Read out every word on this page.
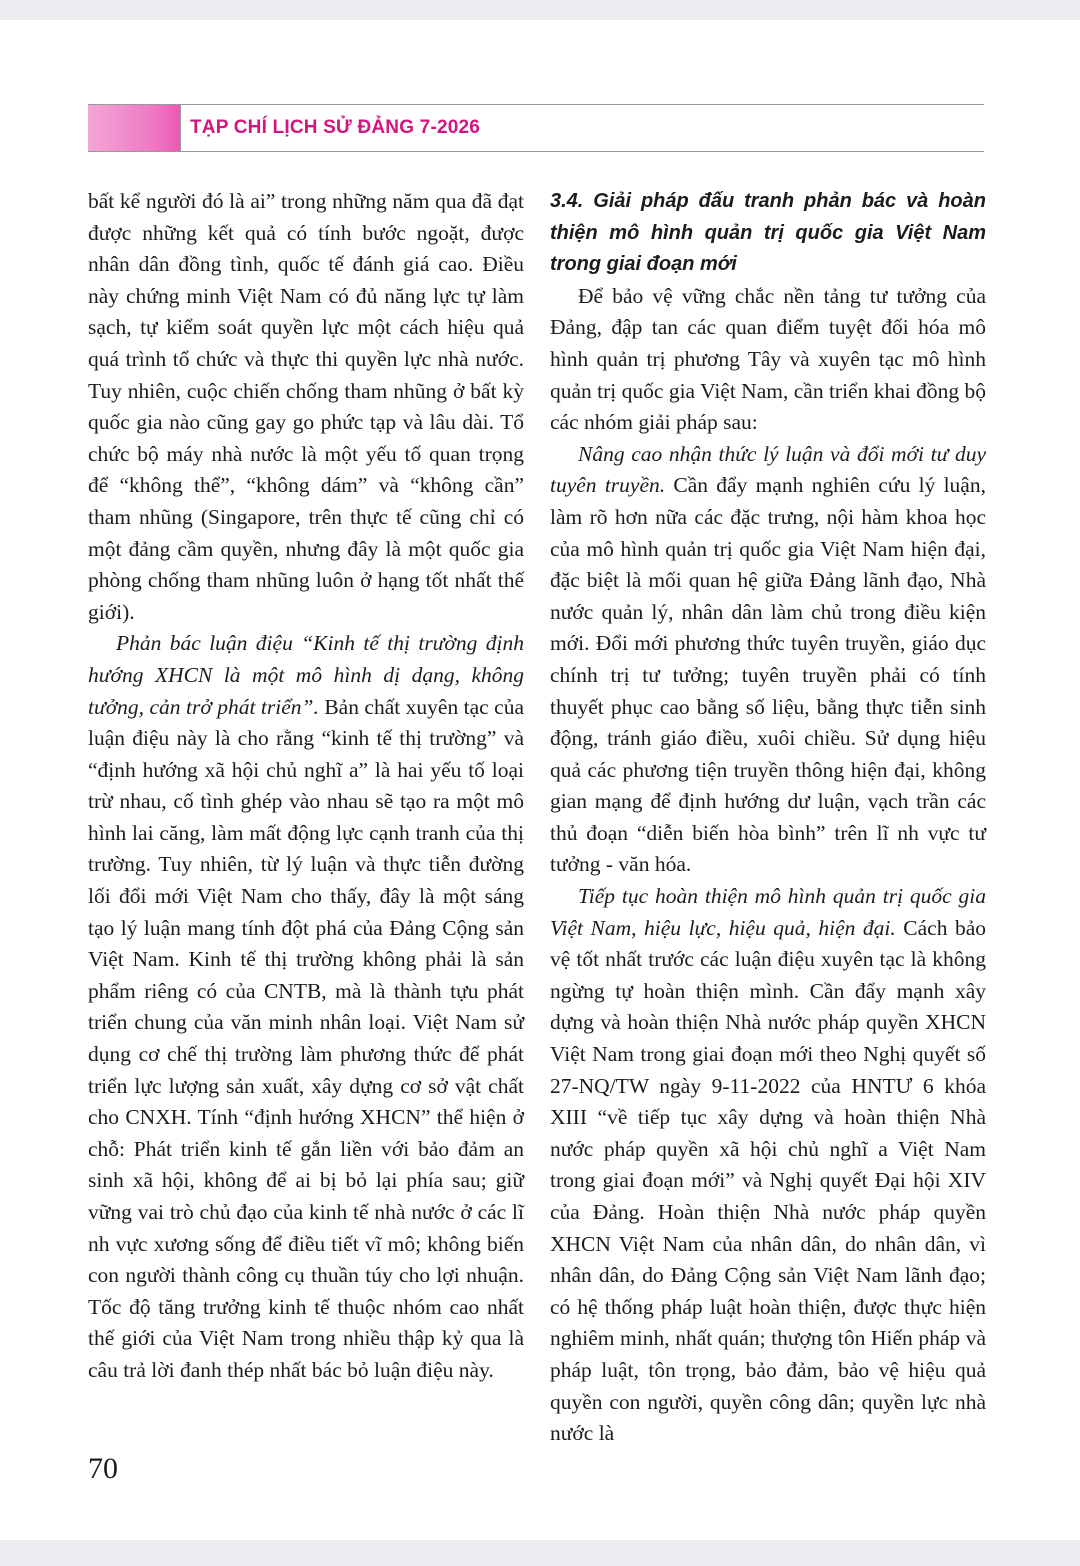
TẠP CHÍ LỊCH SỬ ĐẢNG 7-2026

bất kể người đó là ai” trong những năm qua đã đạt được những kết quả có tính bước ngoặt, được nhân dân đồng tình, quốc tế đánh giá cao. Điều này chứng minh Việt Nam có đủ năng lực tự làm sạch, tự kiểm soát quyền lực một cách hiệu quả quá trình tổ chức và thực thi quyền lực nhà nước. Tuy nhiên, cuộc chiến chống tham nhũng ở bất kỳ quốc gia nào cũng gay go phức tạp và lâu dài. Tổ chức bộ máy nhà nước là một yếu tố quan trọng để “không thể”, “không dám” và “không cần” tham nhũng (Singapore, trên thực tế cũng chỉ có một đảng cầm quyền, nhưng đây là một quốc gia phòng chống tham nhũng luôn ở hạng tốt nhất thế giới).

Phản bác luận điệu “Kinh tế thị trường định hướng XHCN là một mô hình dị dạng, không tưởng, cản trở phát triển”. Bản chất xuyên tạc của luận điệu này là cho rằng “kinh tế thị trường” và “định hướng xã hội chủ nghĩ a” là hai yếu tố loại trừ nhau, cố tình ghép vào nhau sẽ tạo ra một mô hình lai căng, làm mất động lực cạnh tranh của thị trường. Tuy nhiên, từ lý luận và thực tiễn đường lối đổi mới Việt Nam cho thấy, đây là một sáng tạo lý luận mang tính đột phá của Đảng Cộng sản Việt Nam. Kinh tế thị trường không phải là sản phẩm riêng có của CNTB, mà là thành tựu phát triển chung của văn minh nhân loại. Việt Nam sử dụng cơ chế thị trường làm phương thức để phát triển lực lượng sản xuất, xây dựng cơ sở vật chất cho CNXH. Tính “định hướng XHCN” thể hiện ở chỗ: Phát triển kinh tế gắn liền với bảo đảm an sinh xã hội, không để ai bị bỏ lại phía sau; giữ vững vai trò chủ đạo của kinh tế nhà nước ở các lĩ nh vực xương sống để điều tiết vĩ mô; không biến con người thành công cụ thuần túy cho lợi nhuận. Tốc độ tăng trưởng kinh tế thuộc nhóm cao nhất thế giới của Việt Nam trong nhiều thập kỷ qua là câu trả lời đanh thép nhất bác bỏ luận điệu này.

3.4. Giải pháp đấu tranh phản bác và hoàn thiện mô hình quản trị quốc gia Việt Nam trong giai đoạn mới

Để bảo vệ vững chắc nền tảng tư tưởng của Đảng, đập tan các quan điểm tuyệt đối hóa mô hình quản trị phương Tây và xuyên tạc mô hình quản trị quốc gia Việt Nam, cần triển khai đồng bộ các nhóm giải pháp sau:

Nâng cao nhận thức lý luận và đổi mới tư duy tuyên truyền. Cần đẩy mạnh nghiên cứu lý luận, làm rõ hơn nữa các đặc trưng, nội hàm khoa học của mô hình quản trị quốc gia Việt Nam hiện đại, đặc biệt là mối quan hệ giữa Đảng lãnh đạo, Nhà nước quản lý, nhân dân làm chủ trong điều kiện mới. Đổi mới phương thức tuyên truyền, giáo dục chính trị tư tưởng; tuyên truyền phải có tính thuyết phục cao bằng số liệu, bằng thực tiễn sinh động, tránh giáo điều, xuôi chiều. Sử dụng hiệu quả các phương tiện truyền thông hiện đại, không gian mạng để định hướng dư luận, vạch trần các thủ đoạn “diễn biến hòa bình” trên lĩ nh vực tư tưởng - văn hóa.

Tiếp tục hoàn thiện mô hình quản trị quốc gia Việt Nam, hiệu lực, hiệu quả, hiện đại. Cách bảo vệ tốt nhất trước các luận điệu xuyên tạc là không ngừng tự hoàn thiện mình. Cần đẩy mạnh xây dựng và hoàn thiện Nhà nước pháp quyền XHCN Việt Nam trong giai đoạn mới theo Nghị quyết số 27-NQ/TW ngày 9-11-2022 của HNTƯ 6 khóa XIII “về tiếp tục xây dựng và hoàn thiện Nhà nước pháp quyền xã hội chủ nghĩ a Việt Nam trong giai đoạn mới” và Nghị quyết Đại hội XIV của Đảng. Hoàn thiện Nhà nước pháp quyền XHCN Việt Nam của nhân dân, do nhân dân, vì nhân dân, do Đảng Cộng sản Việt Nam lãnh đạo; có hệ thống pháp luật hoàn thiện, được thực hiện nghiêm minh, nhất quán; thượng tôn Hiến pháp và pháp luật, tôn trọng, bảo đảm, bảo vệ hiệu quả quyền con người, quyền công dân; quyền lực nhà nước là

70
